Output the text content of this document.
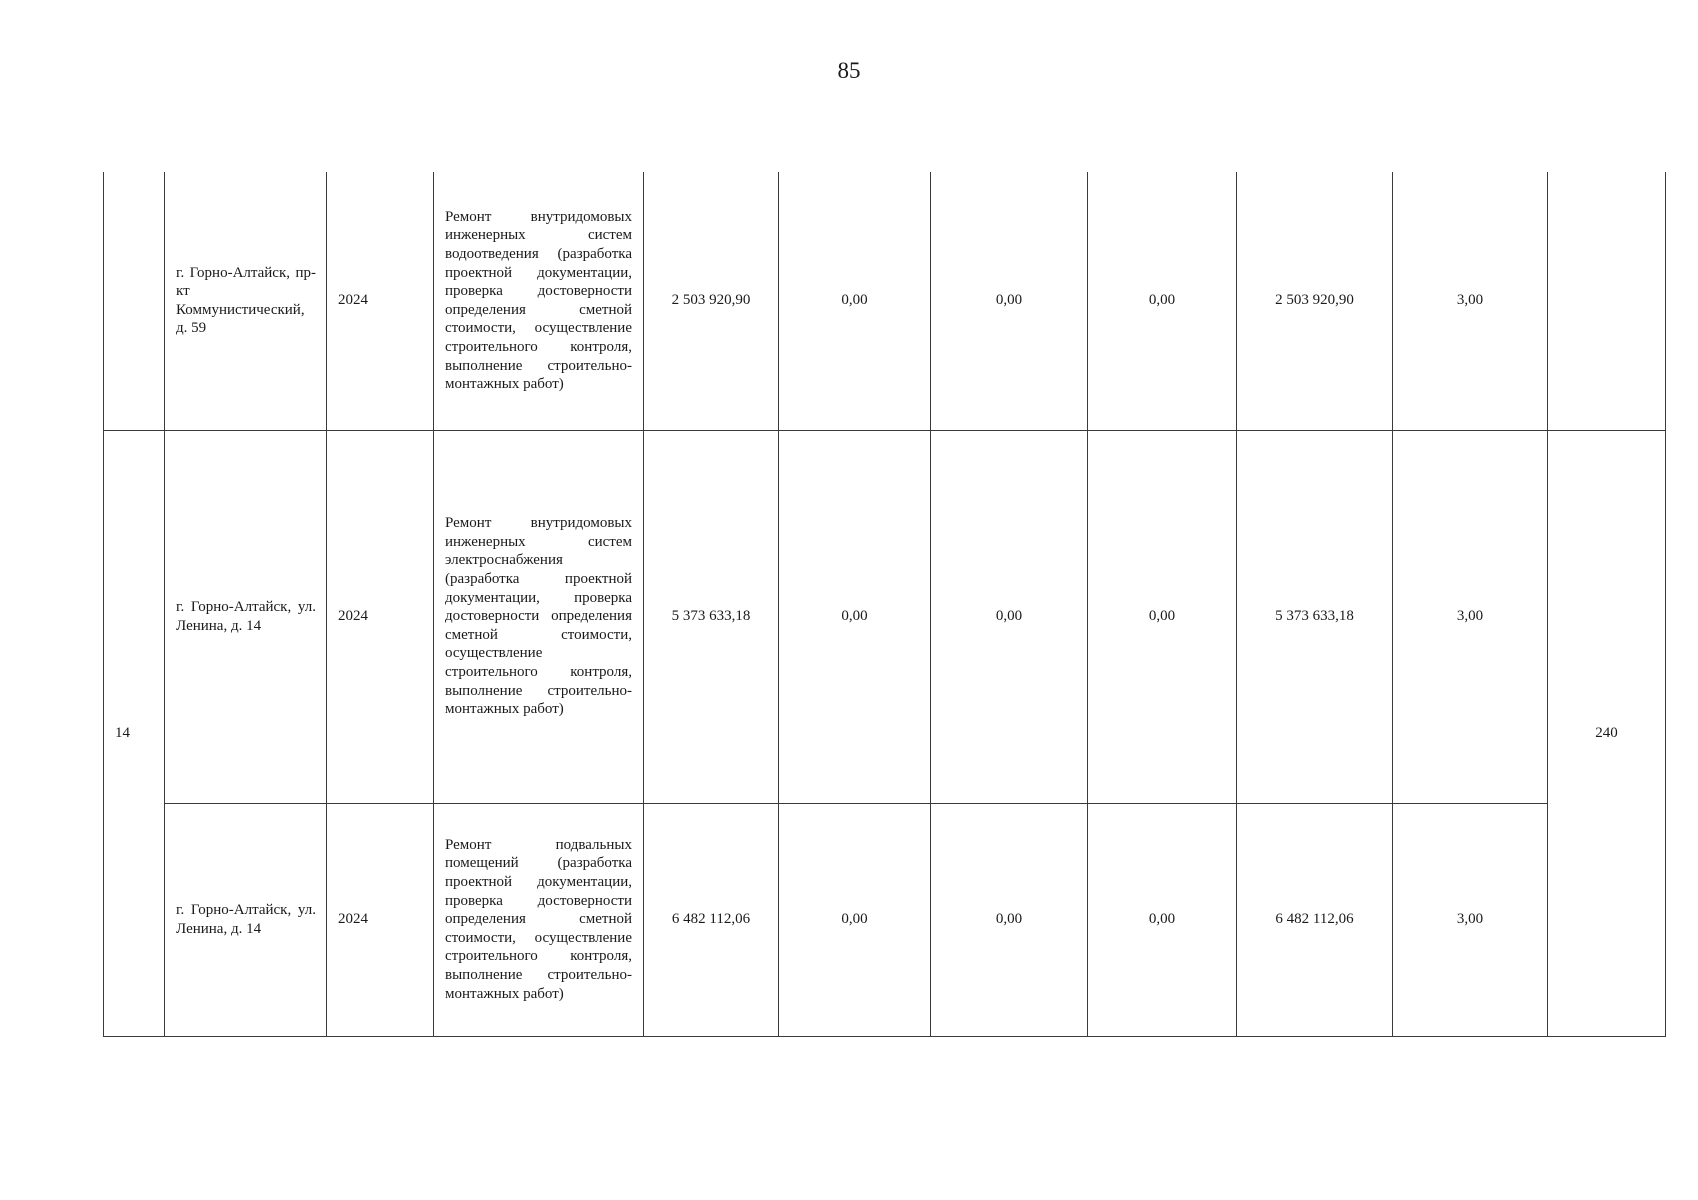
85

	г. Горно-Алтайск, пр-кт Коммунистический, д. 59	2024	Ремонт внутридомовых инженерных систем водоотведения (разработка проектной документации, проверка достоверности определения сметной стоимости, осуществление строительного контроля, выполнение строительно-монтажных работ)	2 503 920,90	0,00	0,00	0,00	2 503 920,90	3,00	
14	г. Горно-Алтайск, ул. Ленина, д. 14	2024	Ремонт внутридомовых инженерных систем электроснабжения (разработка проектной документации, проверка достоверности определения сметной стоимости, осуществление строительного контроля, выполнение строительно-монтажных работ)	5 373 633,18	0,00	0,00	0,00	5 373 633,18	3,00	240

	г. Горно-Алтайск, ул. Ленина, д. 14	2024	Ремонт подвальных помещений (разработка проектной документации, проверка достоверности определения сметной стоимости, осуществление строительного контроля, выполнение строительно-монтажных работ)	6 482 112,06	0,00	0,00	0,00	6 482 112,06	3,00	
